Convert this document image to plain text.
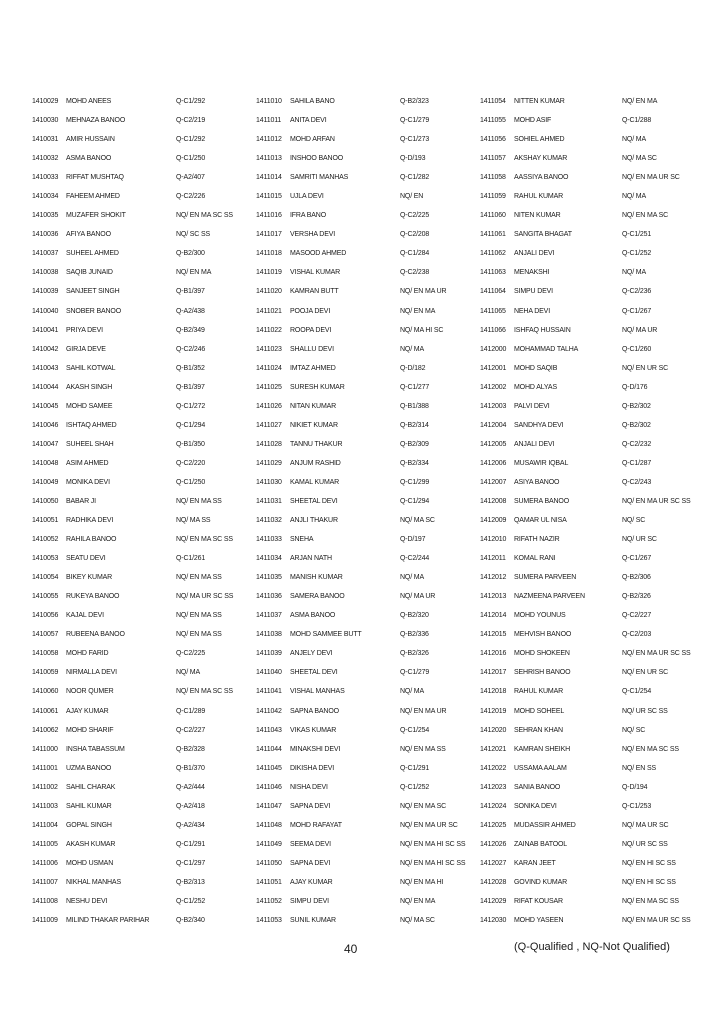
1410029	MOHD ANEES	Q-C1/292
1410030	MEHNAZA BANOO	Q-C2/219
1410031	AMIR HUSSAIN	Q-C1/292
1410032	ASMA BANOO	Q-C1/250
1410033	RIFFAT MUSHTAQ	Q-A2/407
1410034	FAHEEM AHMED	Q-C2/226
1410035	MUZAFER SHOKIT	NQ/ EN MA SC SS
1410036	AFIYA BANOO	NQ/ SC SS
1410037	SUHEEL AHMED	Q-B2/300
1410038	SAQIB JUNAID	NQ/ EN MA
1410039	SANJEET SINGH	Q-B1/397
1410040	SNOBER BANOO	Q-A2/438
1410041	PRIYA DEVI	Q-B2/349
1410042	GIRJA DEVE	Q-C2/246
1410043	SAHIL KOTWAL	Q-B1/352
1410044	AKASH SINGH	Q-B1/397
1410045	MOHD SAMEE	Q-C1/272
1410046	ISHTAQ AHMED	Q-C1/294
1410047	SUHEEL SHAH	Q-B1/350
1410048	ASIM AHMED	Q-C2/220
1410049	MONIKA DEVI	Q-C1/250
1410050	BABAR JI	NQ/ EN MA SS
1410051	RADHIKA DEVI	NQ/ MA SS
1410052	RAHILA BANOO	NQ/ EN MA SC SS
1410053	SEATU DEVI	Q-C1/261
1410054	BIKEY KUMAR	NQ/ EN MA SS
1410055	RUKEYA BANOO	NQ/ MA UR SC SS
1410056	KAJAL DEVI	NQ/ EN MA SS
1410057	RUBEENA BANOO	NQ/ EN MA SS
1410058	MOHD FARID	Q-C2/225
1410059	NIRMALLA DEVI	NQ/ MA
1410060	NOOR QUMER	NQ/ EN MA SC SS
1410061	AJAY KUMAR	Q-C1/289
1410062	MOHD SHARIF	Q-C2/227
1411000	INSHA TABASSUM	Q-B2/328
1411001	UZMA BANOO	Q-B1/370
1411002	SAHIL CHARAK	Q-A2/444
1411003	SAHIL KUMAR	Q-A2/418
1411004	GOPAL SINGH	Q-A2/434
1411005	AKASH KUMAR	Q-C1/291
1411006	MOHD USMAN	Q-C1/297
1411007	NIKHAL MANHAS	Q-B2/313
1411008	NESHU DEVI	Q-C1/252
1411009	MILIND THAKAR PARIHAR	Q-B2/340
1411010	SAHILA BANO	Q-B2/323
1411011	ANITA DEVI	Q-C1/279
1411012	MOHD ARFAN	Q-C1/273
1411013	INSHOO BANOO	Q-D/193
1411014	SAMRITI MANHAS	Q-C1/282
1411015	UJLA DEVI	NQ/ EN
1411016	IFRA BANO	Q-C2/225
1411017	VERSHA DEVI	Q-C2/208
1411018	MASOOD AHMED	Q-C1/284
1411019	VISHAL KUMAR	Q-C2/238
1411020	KAMRAN BUTT	NQ/ EN MA UR
1411021	POOJA DEVI	NQ/ EN MA
1411022	ROOPA DEVI	NQ/ MA HI SC
1411023	SHALLU DEVI	NQ/ MA
1411024	IMTAZ AHMED	Q-D/182
1411025	SURESH KUMAR	Q-C1/277
1411026	NITAN KUMAR	Q-B1/388
1411027	NIKIET KUMAR	Q-B2/314
1411028	TANNU THAKUR	Q-B2/309
1411029	ANJUM RASHID	Q-B2/334
1411030	KAMAL KUMAR	Q-C1/299
1411031	SHEETAL DEVI	Q-C1/294
1411032	ANJLI THAKUR	NQ/ MA SC
1411033	SNEHA	Q-D/197
1411034	ARJAN NATH	Q-C2/244
1411035	MANISH KUMAR	NQ/ MA
1411036	SAMERA BANOO	NQ/ MA UR
1411037	ASMA BANOO	Q-B2/320
1411038	MOHD SAMMEE BUTT	Q-B2/336
1411039	ANJELY DEVI	Q-B2/326
1411040	SHEETAL DEVI	Q-C1/279
1411041	VISHAL MANHAS	NQ/ MA
1411042	SAPNA BANOO	NQ/ EN MA UR
1411043	VIKAS KUMAR	Q-C1/254
1411044	MINAKSHI DEVI	NQ/ EN MA SS
1411045	DIKISHA DEVI	Q-C1/291
1411046	NISHA DEVI	Q-C1/252
1411047	SAPNA DEVI	NQ/ EN MA SC
1411048	MOHD RAFAYAT	NQ/ EN MA UR SC
1411049	SEEMA DEVI	NQ/ EN MA HI SC SS
1411050	SAPNA DEVI	NQ/ EN MA HI SC SS
1411051	AJAY KUMAR	NQ/ EN MA HI
1411052	SIMPU DEVI	NQ/ EN MA
1411053	SUNIL KUMAR	NQ/ MA SC
1411054	NITTEN KUMAR	NQ/ EN MA
1411055	MOHD ASIF	Q-C1/288
1411056	SOHIEL AHMED	NQ/ MA
1411057	AKSHAY KUMAR	NQ/ MA SC
1411058	AASSIYA BANOO	NQ/ EN MA UR SC
1411059	RAHUL KUMAR	NQ/ MA
1411060	NITEN KUMAR	NQ/ EN MA SC
1411061	SANGITA BHAGAT	Q-C1/251
1411062	ANJALI DEVI	Q-C1/252
1411063	MENAKSHI	NQ/ MA
1411064	SIMPU DEVI	Q-C2/236
1411065	NEHA DEVI	Q-C1/267
1411066	ISHFAQ HUSSAIN	NQ/ MA UR
1412000	MOHAMMAD TALHA	Q-C1/260
1412001	MOHD SAQIB	NQ/ EN UR SC
1412002	MOHD ALYAS	Q-D/176
1412003	PALVI DEVI	Q-B2/302
1412004	SANDHYA DEVI	Q-B2/302
1412005	ANJALI DEVI	Q-C2/232
1412006	MUSAWIR IQBAL	Q-C1/287
1412007	ASIYA BANOO	Q-C2/243
1412008	SUMERA BANOO	NQ/ EN MA UR SC SS
1412009	QAMAR UL NISA	NQ/ SC
1412010	RIFATH NAZIR	NQ/ UR SC
1412011	KOMAL RANI	Q-C1/267
1412012	SUMERA PARVEEN	Q-B2/306
1412013	NAZMEENA PARVEEN	Q-B2/326
1412014	MOHD YOUNUS	Q-C2/227
1412015	MEHVISH BANOO	Q-C2/203
1412016	MOHD SHOKEEN	NQ/ EN MA UR SC SS
1412017	SEHRISH BANOO	NQ/ EN UR SC
1412018	RAHUL KUMAR	Q-C1/254
1412019	MOHD SOHEEL	NQ/ UR SC SS
1412020	SEHRAN KHAN	NQ/ SC
1412021	KAMRAN SHEIKH	NQ/ EN MA SC SS
1412022	USSAMA AALAM	NQ/ EN SS
1412023	SANIA BANOO	Q-D/194
1412024	SONIKA DEVI	Q-C1/253
1412025	MUDASSIR AHMED	NQ/ MA UR SC
1412026	ZAINAB BATOOL	NQ/ UR SC SS
1412027	KARAN JEET	NQ/ EN HI SC SS
1412028	GOVIND KUMAR	NQ/ EN HI SC SS
1412029	RIFAT KOUSAR	NQ/ EN MA SC SS
1412030	MOHD YASEEN	NQ/ EN MA UR SC SS
40	(Q-Qualified , NQ-Not Qualified)
